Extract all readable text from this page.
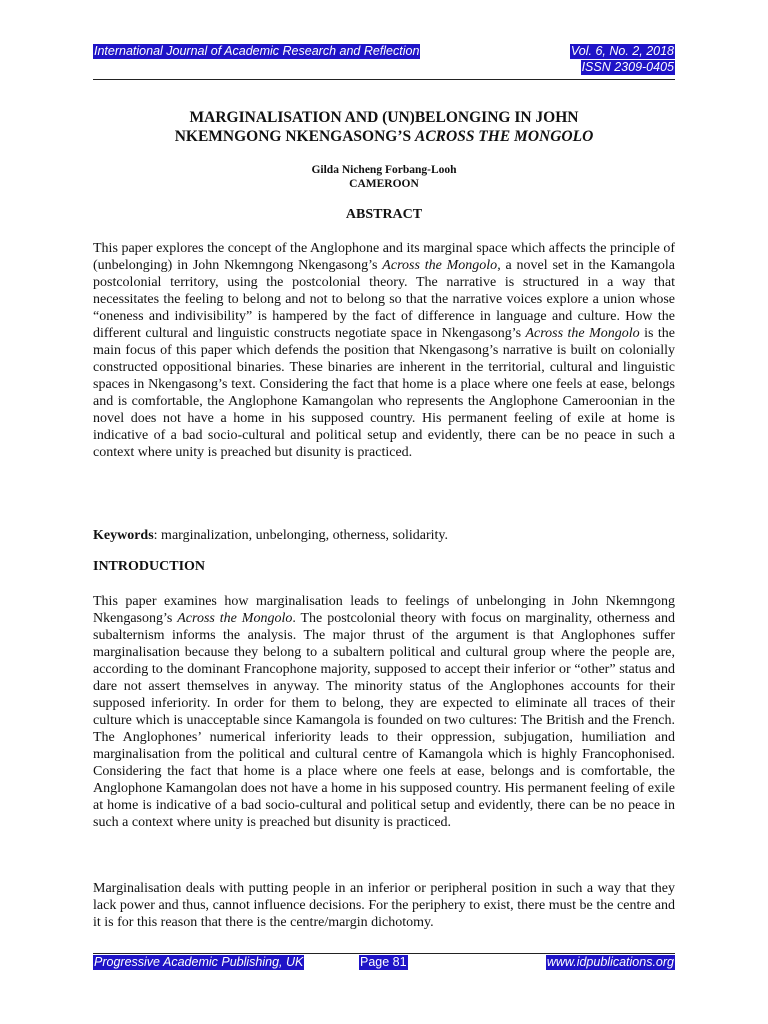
International Journal of Academic Research and Reflection	Vol. 6, No. 2, 2018
ISSN 2309-0405
MARGINALISATION AND (UN)BELONGING IN JOHN
NKEMNGONG NKENGASONG’S ACROSS THE MONGOLO
Gilda Nicheng Forbang-Looh
CAMEROON
ABSTRACT

This paper explores the concept of the Anglophone and its marginal space which affects the principle of (unbelonging) in John Nkemngong Nkengasong’s Across the Mongolo, a novel set in the Kamangola postcolonial territory, using the postcolonial theory. The narrative is structured in a way that necessitates the feeling to belong and not to belong so that the narrative voices explore a union whose “oneness and indivisibility” is hampered by the fact of difference in language and culture. How the different cultural and linguistic constructs negotiate space in Nkengasong’s Across the Mongolo is the main focus of this paper which defends the position that Nkengasong’s narrative is built on colonially constructed oppositional binaries. These binaries are inherent in the territorial, cultural and linguistic spaces in Nkengasong’s text. Considering the fact that home is a place where one feels at ease, belongs and is comfortable, the Anglophone Kamangolan who represents the Anglophone Cameroonian in the novel does not have a home in his supposed country. His permanent feeling of exile at home is indicative of a bad socio-cultural and political setup and evidently, there can be no peace in such a context where unity is preached but disunity is practiced.

Keywords: marginalization, unbelonging, otherness, solidarity.

INTRODUCTION

This paper examines how marginalisation leads to feelings of unbelonging in John Nkemngong Nkengasong’s Across the Mongolo. The postcolonial theory with focus on marginality, otherness and subalternism informs the analysis. The major thrust of the argument is that Anglophones suffer marginalisation because they belong to a subaltern political and cultural group where the people are, according to the dominant Francophone majority, supposed to accept their inferior or “other” status and dare not assert themselves in anyway. The minority status of the Anglophones accounts for their supposed inferiority. In order for them to belong, they are expected to eliminate all traces of their culture which is unacceptable since Kamangola is founded on two cultures: The British and the French. The Anglophones’ numerical inferiority leads to their oppression, subjugation, humiliation and marginalisation from the political and cultural centre of Kamangola which is highly Francophonised. Considering the fact that home is a place where one feels at ease, belongs and is comfortable, the Anglophone Kamangolan does not have a home in his supposed country. His permanent feeling of exile at home is indicative of a bad socio-cultural and political setup and evidently, there can be no peace in such a context where unity is preached but disunity is practiced.

Marginalisation deals with putting people in an inferior or peripheral position in such a way that they lack power and thus, cannot influence decisions. For the periphery to exist, there must be the centre and it is for this reason that there is the centre/margin dichotomy.

Progressive Academic Publishing, UK	Page 81	www.idpublications.org
